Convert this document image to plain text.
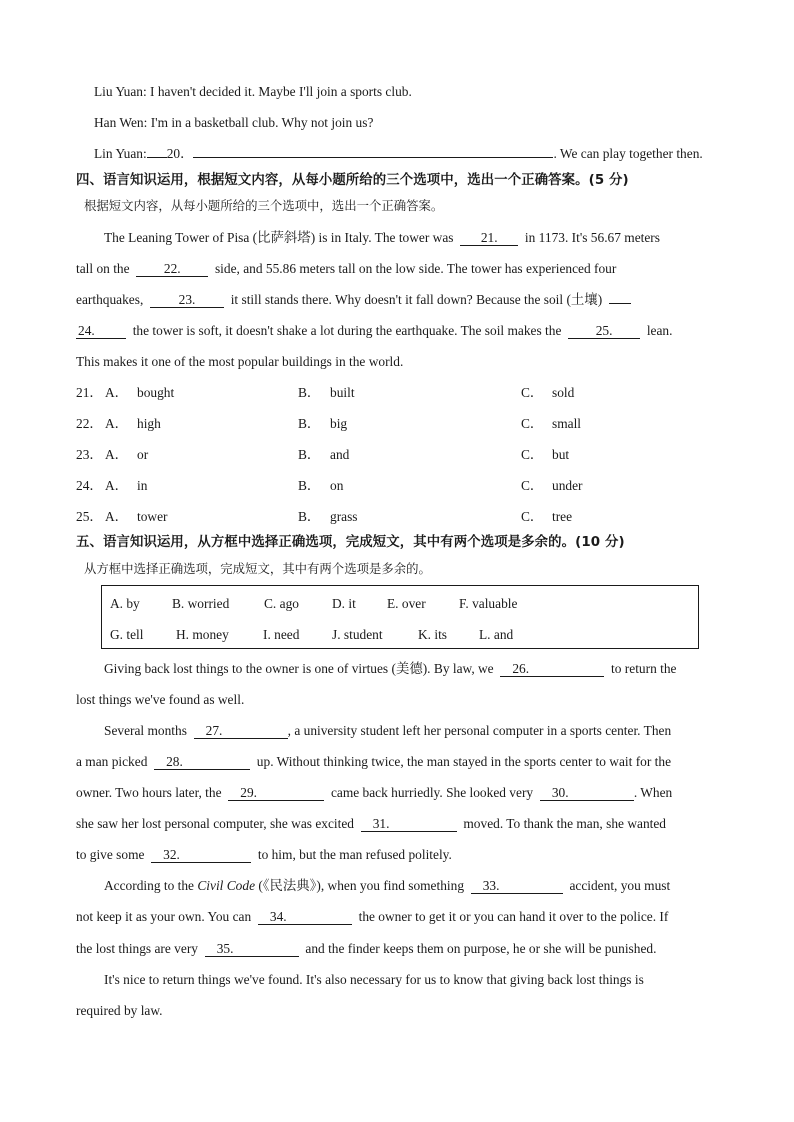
Liu Yuan: I haven't decided it. Maybe I'll join a sports club.
Han Wen: I'm in a basketball club. Why not join us?
Lin Yuan: 20．	. We can play together then.
四、语言知识运用，根据短文内容，从每小题所给的三个选项中，选出一个正确答案。(5 分)
根据短文内容，从每小题所给的三个选项中，选出一个正确答案。
The Leaning Tower of Pisa (比萨斜塔) is in Italy. The tower was 21. in 1173. It's 56.67 meters
tall on the	22.	side, and 55.86 meters tall on the low side. The tower has experienced four
earthquakes,	23.	it still stands there. Why doesn't it fall down? Because the soil (土壤)
24.	the tower is soft, it doesn't shake a lot during the earthquake. The soil makes the	25.	lean.
This makes it one of the most popular buildings in the world.
21． A． bought	B． built	C． sold
22． A． high	B． big	C． small
23． A． or	B． and	C． but
24． A． in	B． on	C． under
25． A． tower	B． grass	C． tree
五、语言知识运用，从方框中选择正确选项，完成短文，其中有两个选项是多余的。(10 分)
从方框中选择正确选项，完成短文，其中有两个选项是多余的。
A. by B. worried	C. ago D. it E. over F. valuable
G. tell H. money	I. need J. student	K. its L. and
Giving back lost things to the owner is one of virtues (美德). By law, we 26.	to return the
lost things we've found as well.
Several months 27.	, a university student left her personal computer in a sports center. Then
a man picked 28.	up. Without thinking twice, the man stayed in the sports center to wait for the
owner. Two hours later, the 29.	came back hurriedly. She looked very 30.	. When
she saw her lost personal computer, she was excited 31.	moved. To thank the man, she wanted
to give some 32.	to him, but the man refused politely.
According to the Civil Code (《民法典》), when you find something 33.	accident, you must
not keep it as your own. You can 34.	the owner to get it or you can hand it over to the police. If
the lost things are very 35.	and the finder keeps them on purpose, he or she will be punished.
It's nice to return things we've found. It's also necessary for us to know that giving back lost things is
required by law.
